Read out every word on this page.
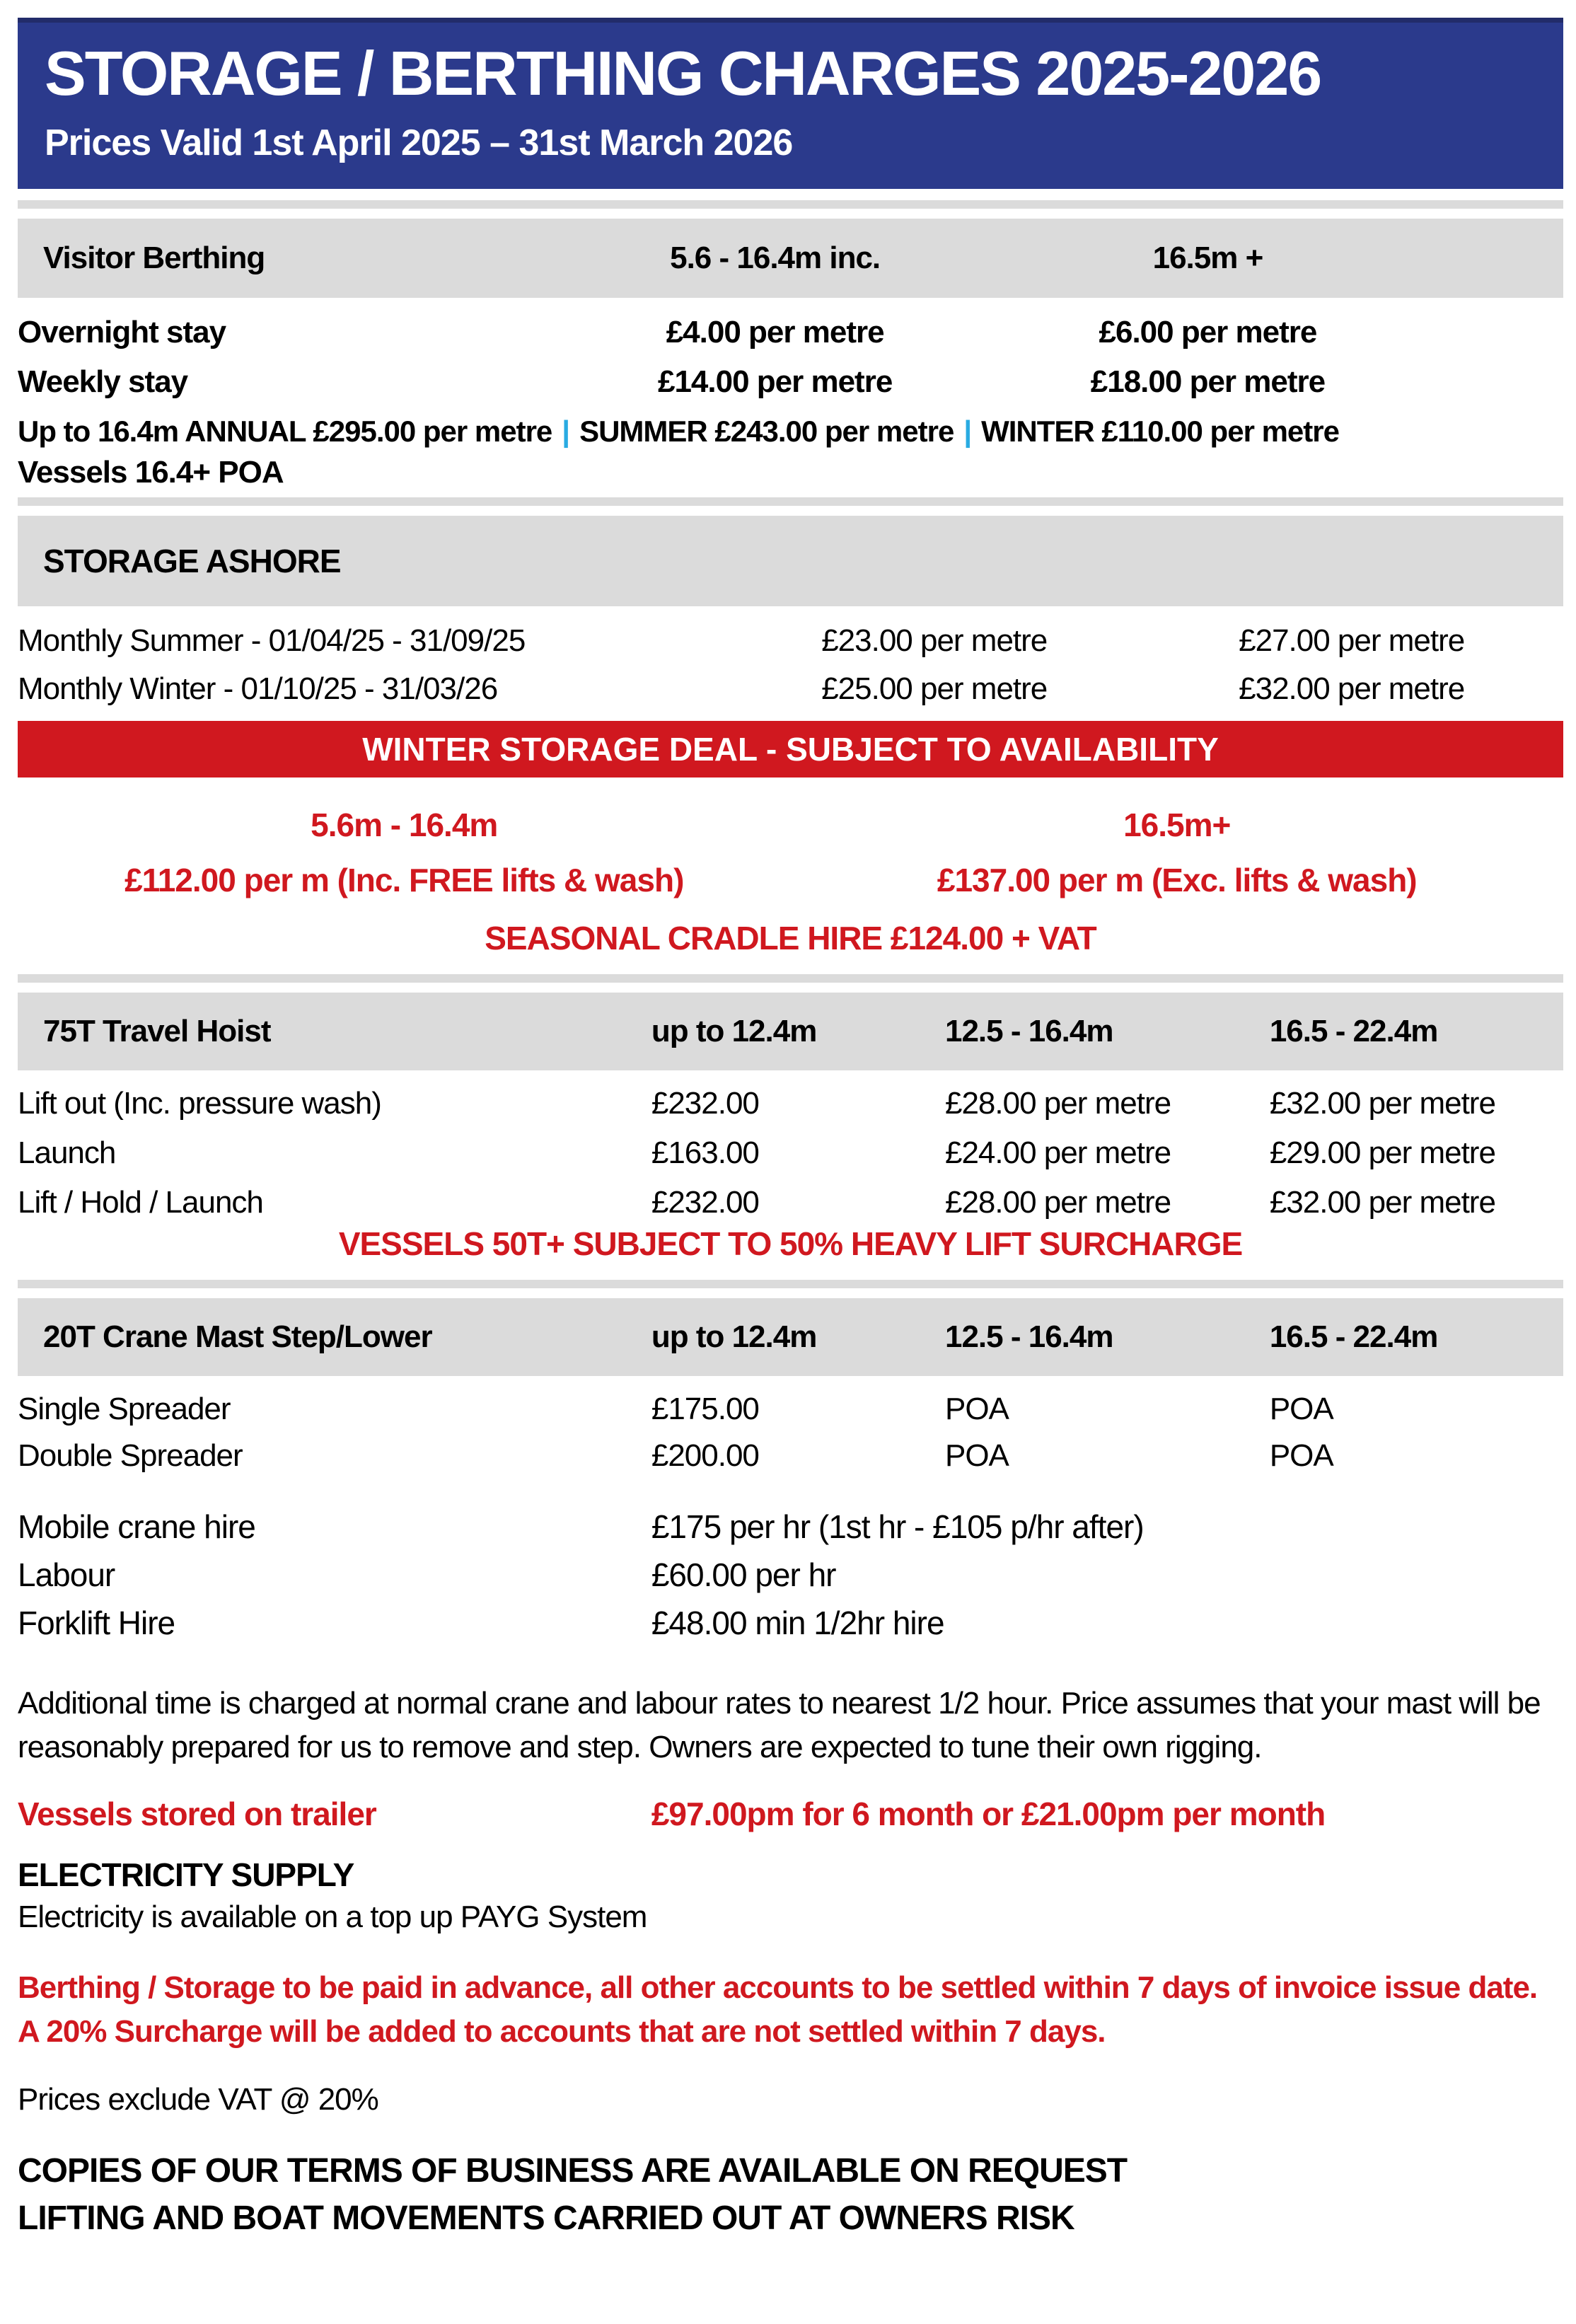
STORAGE / BERTHING CHARGES 2025-2026
Prices Valid 1st April 2025 – 31st March 2026
Visitor Berthing	5.6 - 16.4m inc.	16.5m +
Overnight stay	£4.00 per metre	£6.00 per metre
Weekly stay	£14.00 per metre	£18.00 per metre
Up to 16.4m ANNUAL £295.00 per metre | SUMMER £243.00 per metre | WINTER £110.00 per metre
Vessels 16.4+ POA
STORAGE ASHORE
Monthly Summer - 01/04/25 - 31/09/25	£23.00 per metre	£27.00 per metre
Monthly Winter - 01/10/25 - 31/03/26	£25.00 per metre	£32.00 per metre
WINTER STORAGE DEAL - SUBJECT TO AVAILABILITY
5.6m - 16.4m	16.5m+
£112.00 per m (Inc. FREE lifts & wash)	£137.00 per m (Exc. lifts & wash)
SEASONAL CRADLE HIRE £124.00 + VAT
75T Travel Hoist	up to 12.4m	12.5 - 16.4m	16.5 - 22.4m
Lift out (Inc. pressure wash)	£232.00	£28.00 per metre	£32.00 per metre
Launch	£163.00	£24.00 per metre	£29.00 per metre
Lift / Hold / Launch	£232.00	£28.00 per metre	£32.00 per metre
VESSELS 50T+ SUBJECT TO 50% HEAVY LIFT SURCHARGE
20T Crane Mast Step/Lower	up to 12.4m	12.5 - 16.4m	16.5 - 22.4m
Single Spreader	£175.00	POA	POA
Double Spreader	£200.00	POA	POA
Mobile crane hire	£175 per hr (1st hr - £105 p/hr after)
Labour	£60.00 per hr
Forklift Hire	£48.00 min 1/2hr hire
Additional time is charged at normal crane and labour rates to nearest 1/2 hour. Price assumes that your mast will be reasonably prepared for us to remove and step. Owners are expected to tune their own rigging.
Vessels stored on trailer	£97.00pm for 6 month or £21.00pm per month
ELECTRICITY SUPPLY
Electricity is available on a top up PAYG System
Berthing / Storage to be paid in advance, all other accounts to be settled within 7 days of invoice issue date. A 20% Surcharge will be added to accounts that are not settled within 7 days.
Prices exclude VAT @ 20%
COPIES OF OUR TERMS OF BUSINESS ARE AVAILABLE ON REQUEST
LIFTING AND BOAT MOVEMENTS CARRIED OUT AT OWNERS RISK
